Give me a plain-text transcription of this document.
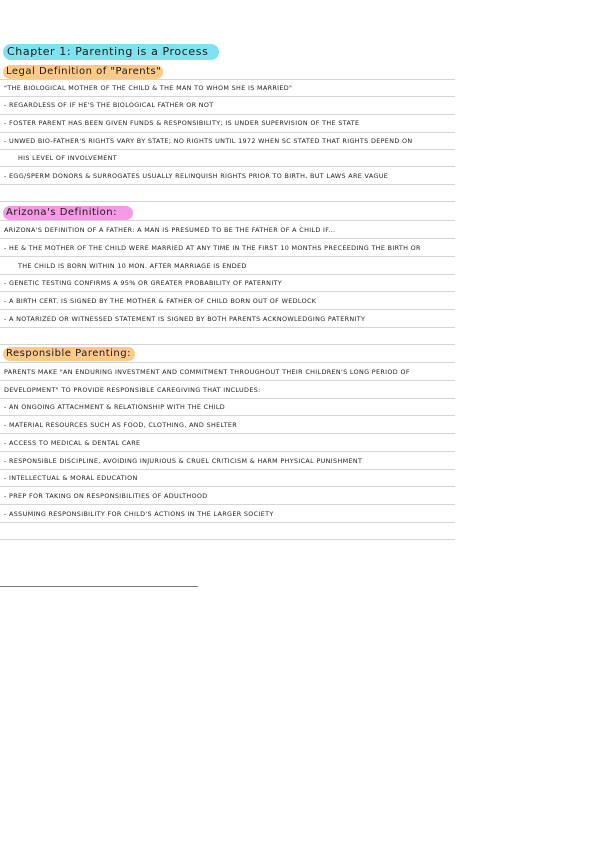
Chapter 1: Parenting is a Process
Legal Definition of "Parents"
"THE BIOLOGICAL MOTHER OF THE CHILD & THE MAN TO WHOM SHE IS MARRIED"
- REGARDLESS OF IF HE'S THE BIOLOGICAL FATHER OR NOT
- FOSTER PARENT HAS BEEN GIVEN FUNDS & RESPONSIBILITY; IS UNDER SUPERVISION OF THE STATE
- UNWED BIO-FATHER'S RIGHTS VARY BY STATE; NO RIGHTS UNTIL 1972 WHEN SC STATED THAT RIGHTS DEPEND ON
HIS LEVEL OF INVOLVEMENT
- EGG/SPERM DONORS & SURROGATES USUALLY RELINQUISH RIGHTS PRIOR TO BIRTH, BUT LAWS ARE VAGUE
Arizona's Definition:
ARIZONA'S DEFINITION OF A FATHER: A MAN IS PRESUMED TO BE THE FATHER OF A CHILD IF...
- HE & THE MOTHER OF THE CHILD WERE MARRIED AT ANY TIME IN THE FIRST 10 MONTHS PRECEEDING THE BIRTH OR
THE CHILD IS BORN WITHIN 10 MON. AFTER MARRIAGE IS ENDED
- GENETIC TESTING CONFIRMS A 95% OR GREATER PROBABILITY OF PATERNITY
- A BIRTH CERT. IS SIGNED BY THE MOTHER & FATHER OF CHILD BORN OUT OF WEDLOCK
- A NOTARIZED OR WITNESSED STATEMENT IS SIGNED BY BOTH PARENTS ACKNOWLEDGING PATERNITY
Responsible Parenting:
PARENTS MAKE "AN ENDURING INVESTMENT AND COMMITMENT THROUGHOUT THEIR CHILDREN'S LONG PERIOD OF
DEVELOPMENT" TO PROVIDE RESPONSIBLE CAREGIVING THAT INCLUDES:
- AN ONGOING ATTACHMENT & RELATIONSHIP WITH THE CHILD
- MATERIAL RESOURCES SUCH AS FOOD, CLOTHING, AND SHELTER
- ACCESS TO MEDICAL & DENTAL CARE
- RESPONSIBLE DISCIPLINE, AVOIDING INJURIOUS & CRUEL CRITICISM & HARM PHYSICAL PUNISHMENT
- INTELLECTUAL & MORAL EDUCATION
- PREP FOR TAKING ON RESPONSIBILITIES OF ADULTHOOD
- ASSUMING RESPONSIBILITY FOR CHILD'S ACTIONS IN THE LARGER SOCIETY
